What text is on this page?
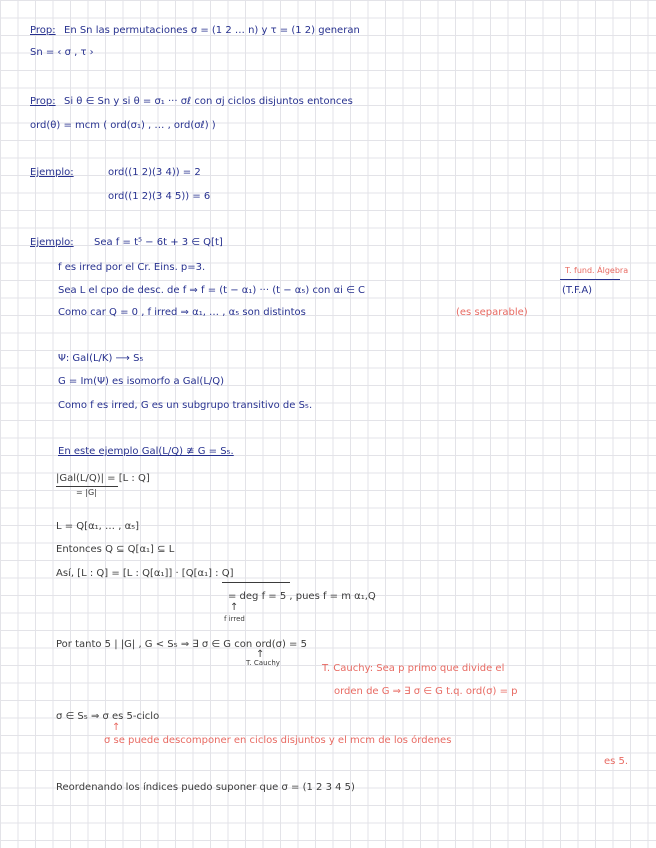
Prop: En Sn las permutaciones σ = (1 2 … n) y τ = (1 2) generan
Sn = ‹ σ , τ ›
Prop: Si θ ∈ Sn y si θ = σ₁ ··· σℓ con σj ciclos disjuntos entonces
ord(θ) = mcm ( ord(σ₁) , … , ord(σℓ) )
Ejemplo:	ord((1 2)(3 4)) = 2
ord((1 2)(3 4 5)) = 6
Ejemplo: Sea f = t⁵ − 6t + 3 ∈ Q[t]
f es irred por el Cr. Eins. p=3.	T. fund. Álgebra
Sea L el cpo de desc. de f ⇒ f = (t − α₁) ··· (t − α₅) con αi ∈ C	(T.F.A)
Como car Q = 0 , f irred ⇒ α₁, … , α₅ son distintos	(es separable)
Ψ: Gal(L/K) ⟶ S₅
G = Im(Ψ) es isomorfo a Gal(L/Q)
Como f es irred, G es un subgrupo transitivo de S₅.
En este ejemplo Gal(L/Q) ≇ G = S₅.
|Gal(L/Q)| = [L : Q]
= |G|
L = Q[α₁, … , α₅]
Entonces Q ⊆ Q[α₁] ⊆ L
Así, [L : Q] = [L : Q[α₁]] · [Q[α₁] : Q]
= deg f = 5 , pues f = m α₁,Q
↑
f irred
Por tanto 5 | |G| , G < S₅ ⇒ ∃ σ ∈ G con ord(σ) = 5
↑
T. Cauchy	T. Cauchy: Sea p primo que divide el
orden de G ⇒ ∃ σ ∈ G t.q. ord(σ) = p
σ ∈ S₅ ⇒ σ es 5-ciclo
↑
σ se puede descomponer en ciclos disjuntos y el mcm de los órdenes
es 5.
Reordenando los índices puedo suponer que σ = (1 2 3 4 5)
